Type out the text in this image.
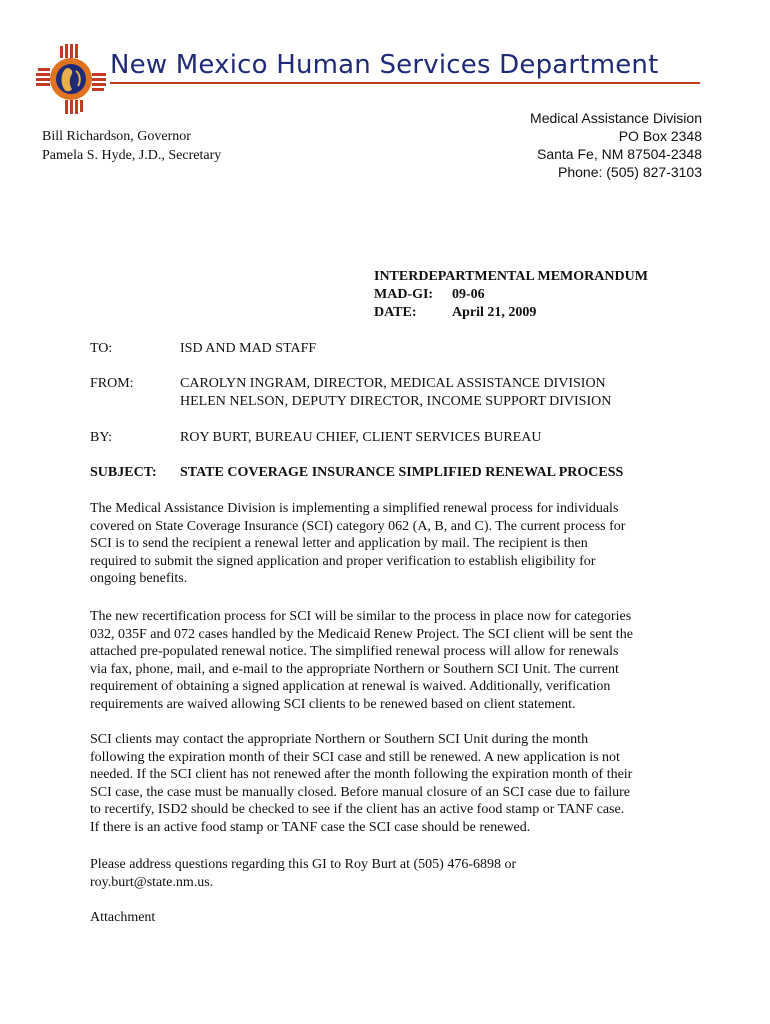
New Mexico Human Services Department
Bill Richardson, Governor
Pamela S. Hyde, J.D., Secretary
Medical Assistance Division
PO Box 2348
Santa Fe, NM 87504-2348
Phone: (505) 827-3103
INTERDEPARTMENTAL MEMORANDUM
MAD-GI: 09-06
DATE:	April 21, 2009
TO:	ISD AND MAD STAFF
FROM:	CAROLYN INGRAM, DIRECTOR, MEDICAL ASSISTANCE DIVISION
HELEN NELSON, DEPUTY DIRECTOR, INCOME SUPPORT DIVISION
BY:	ROY BURT, BUREAU CHIEF, CLIENT SERVICES BUREAU
SUBJECT: STATE COVERAGE INSURANCE SIMPLIFIED RENEWAL PROCESS

The Medical Assistance Division is implementing a simplified renewal process for individuals

covered on State Coverage Insurance (SCI) category 062 (A, B, and C). The current process for

SCI is to send the recipient a renewal letter and application by mail. The recipient is then

required to submit the signed application and proper verification to establish eligibility for

ongoing benefits.

The new recertification process for SCI will be similar to the process in place now for categories

032, 035F and 072 cases handled by the Medicaid Renew Project. The SCI client will be sent the

attached pre-populated renewal notice. The simplified renewal process will allow for renewals

via fax, phone, mail, and e-mail to the appropriate Northern or Southern SCI Unit. The current

requirement of obtaining a signed application at renewal is waived. Additionally, verification

requirements are waived allowing SCI clients to be renewed based on client statement.

SCI clients may contact the appropriate Northern or Southern SCI Unit during the month

following the expiration month of their SCI case and still be renewed. A new application is not

needed. If the SCI client has not renewed after the month following the expiration month of their

SCI case, the case must be manually closed. Before manual closure of an SCI case due to failure

to recertify, ISD2 should be checked to see if the client has an active food stamp or TANF case.

If there is an active food stamp or TANF case the SCI case should be renewed.

Please address questions regarding this GI to Roy Burt at (505) 476-6898 or

roy.burt@state.nm.us.

Attachment
